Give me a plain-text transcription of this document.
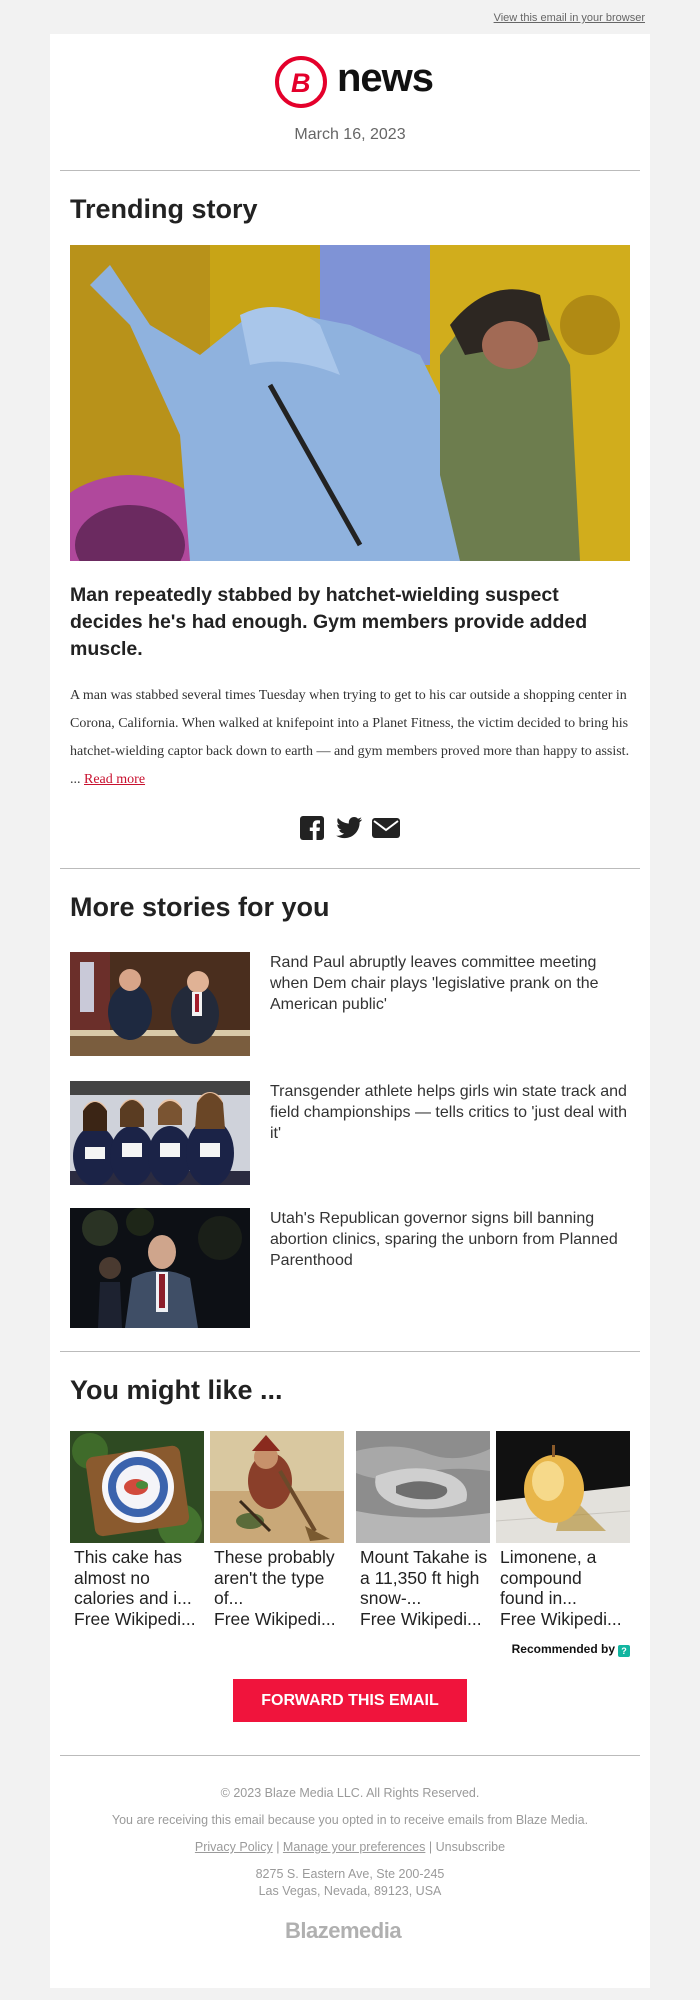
View this email in your browser
B news
March 16, 2023
Trending story
Man repeatedly stabbed by hatchet-wielding suspect decides he's had enough. Gym members provide added muscle.
A man was stabbed several times Tuesday when trying to get to his car outside a shopping center in Corona, California. When walked at knifepoint into a Planet Fitness, the victim decided to bring his hatchet-wielding captor back down to earth — and gym members proved more than happy to assist. ... Read more
More stories for you
Rand Paul abruptly leaves committee meeting when Dem chair plays 'legislative prank on the American public'
Transgender athlete helps girls win state track and field championships — tells critics to 'just deal with it'
Utah's Republican governor signs bill banning abortion clinics, sparing the unborn from Planned Parenthood
You might like ...
This cake has almost no calories and i...
Free Wikipedi...
These probably aren't the type of...
Free Wikipedi...
Mount Takahe is a 11,350 ft high snow-...
Free Wikipedi...
Limonene, a compound found in...
Free Wikipedi...
Recommended by ?
FORWARD THIS EMAIL
© 2023 Blaze Media LLC. All Rights Reserved.
You are receiving this email because you opted in to receive emails from Blaze Media.
Privacy Policy | Manage your preferences | Unsubscribe
8275 S. Eastern Ave, Ste 200-245
Las Vegas, Nevada, 89123, USA
Blazemedia
